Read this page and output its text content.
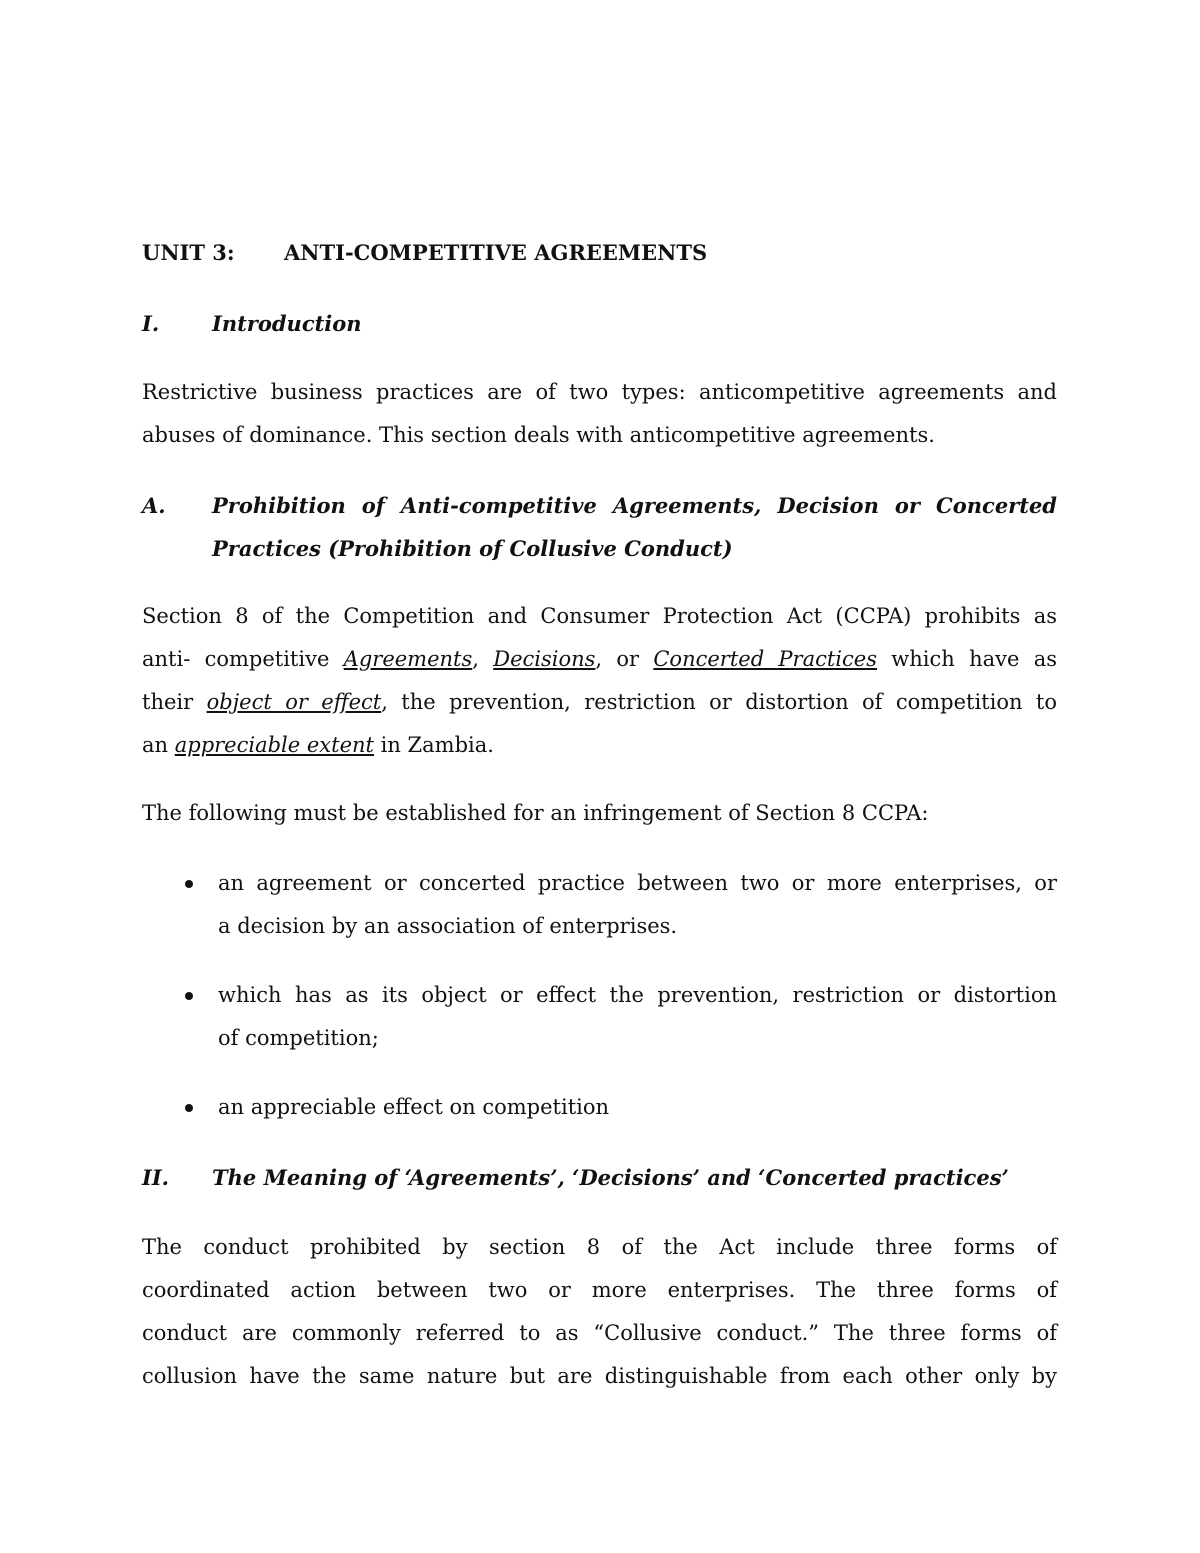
UNIT 3: ANTI-COMPETITIVE AGREEMENTS
I.	Introduction
Restrictive business practices are of two types: anticompetitive agreements and
abuses of dominance. This section deals with anticompetitive agreements.
A. Prohibition of Anti-competitive Agreements, Decision or Concerted
Practices (Prohibition of Collusive Conduct)
Section 8 of the Competition and Consumer Protection Act (CCPA) prohibits as
anti- competitive Agreements, Decisions, or Concerted Practices which have as
their object or effect, the prevention, restriction or distortion of competition to
an appreciable extent in Zambia.
The following must be established for an infringement of Section 8 CCPA:
an agreement or concerted practice between two or more enterprises, or
a decision by an association of enterprises.
which has as its object or effect the prevention, restriction or distortion
of competition;
an appreciable effect on competition
II. The Meaning of ‘Agreements’, ‘Decisions’ and ‘Concerted practices’
The conduct prohibited by section 8 of the Act include three forms of
coordinated action between two or more enterprises. The three forms of
conduct are commonly referred to as “Collusive conduct.” The three forms of
collusion have the same nature but are distinguishable from each other only by
